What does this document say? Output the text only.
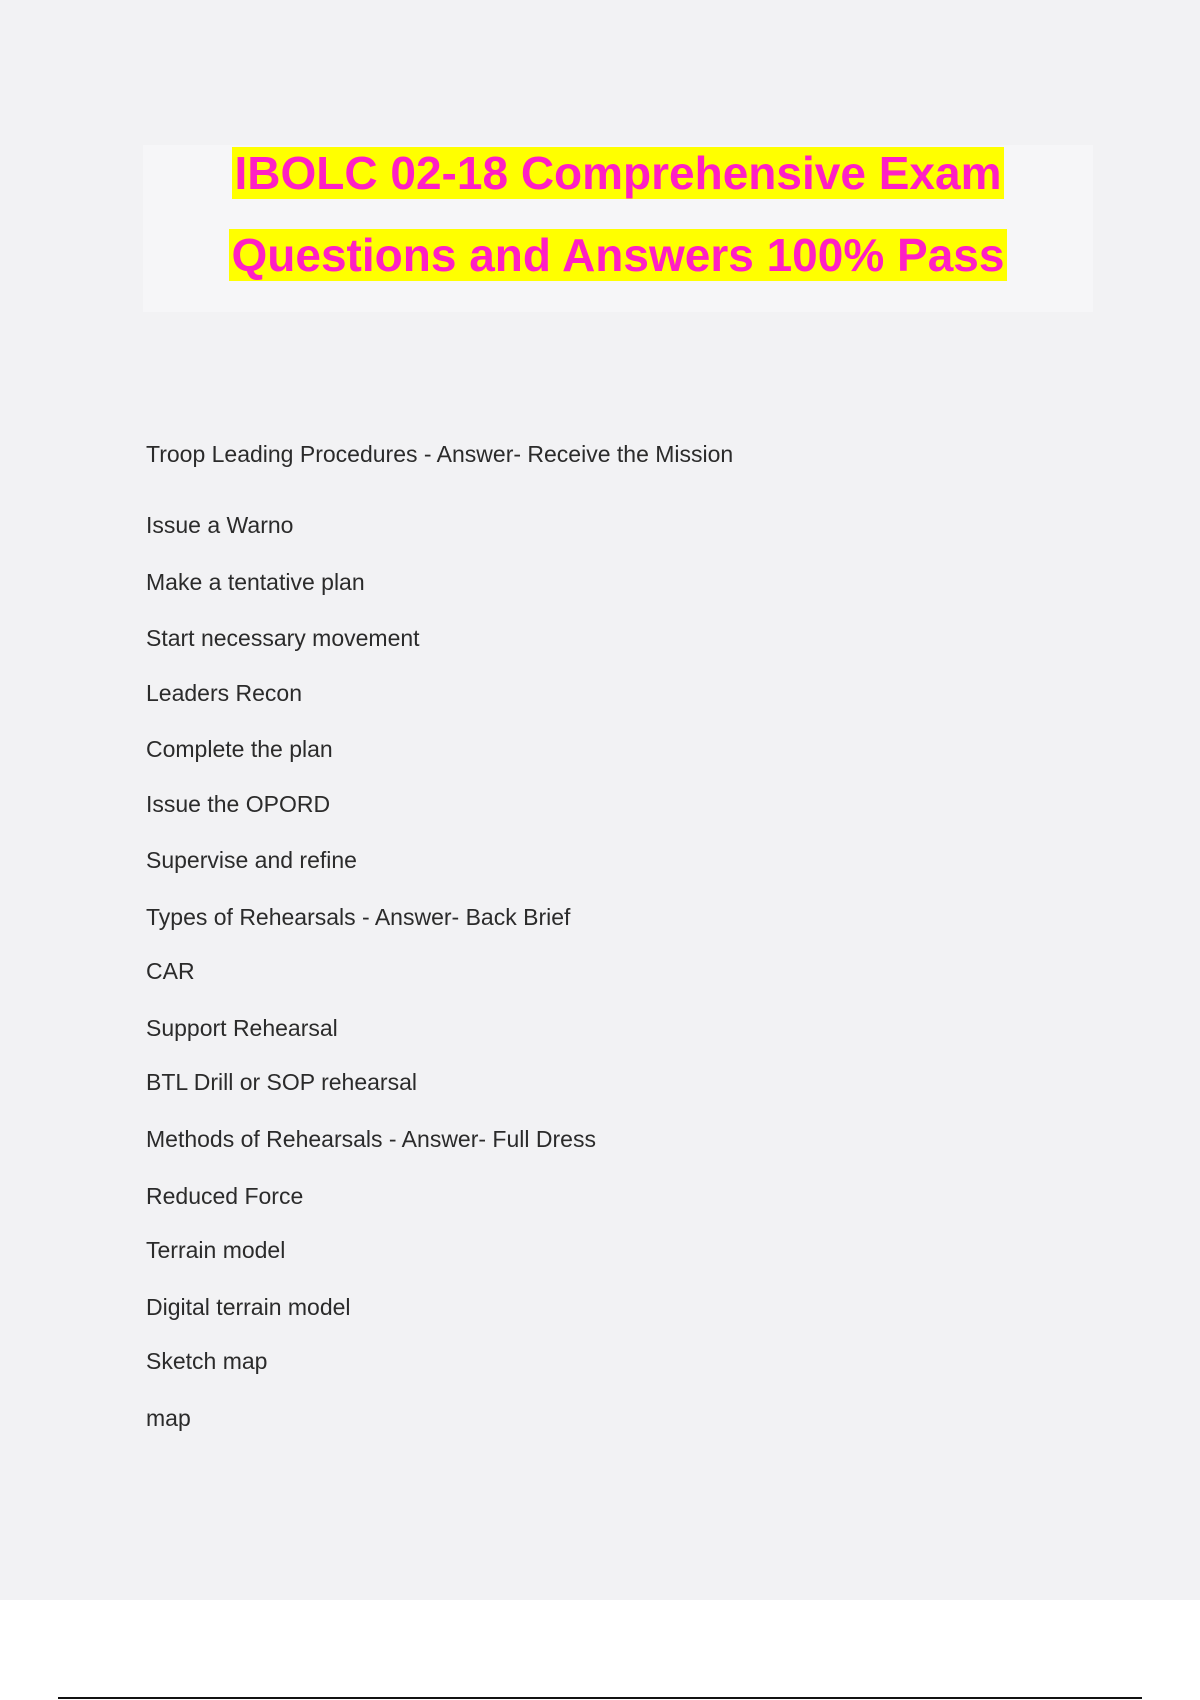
IBOLC 02-18 Comprehensive Exam
Questions and Answers 100% Pass
Troop Leading Procedures - Answer- Receive the Mission
Issue a Warno
Make a tentative plan
Start necessary movement
Leaders Recon
Complete the plan
Issue the OPORD
Supervise and refine
Types of Rehearsals - Answer- Back Brief
CAR
Support Rehearsal
BTL Drill or SOP rehearsal
Methods of Rehearsals - Answer- Full Dress
Reduced Force
Terrain model
Digital terrain model
Sketch map
map
